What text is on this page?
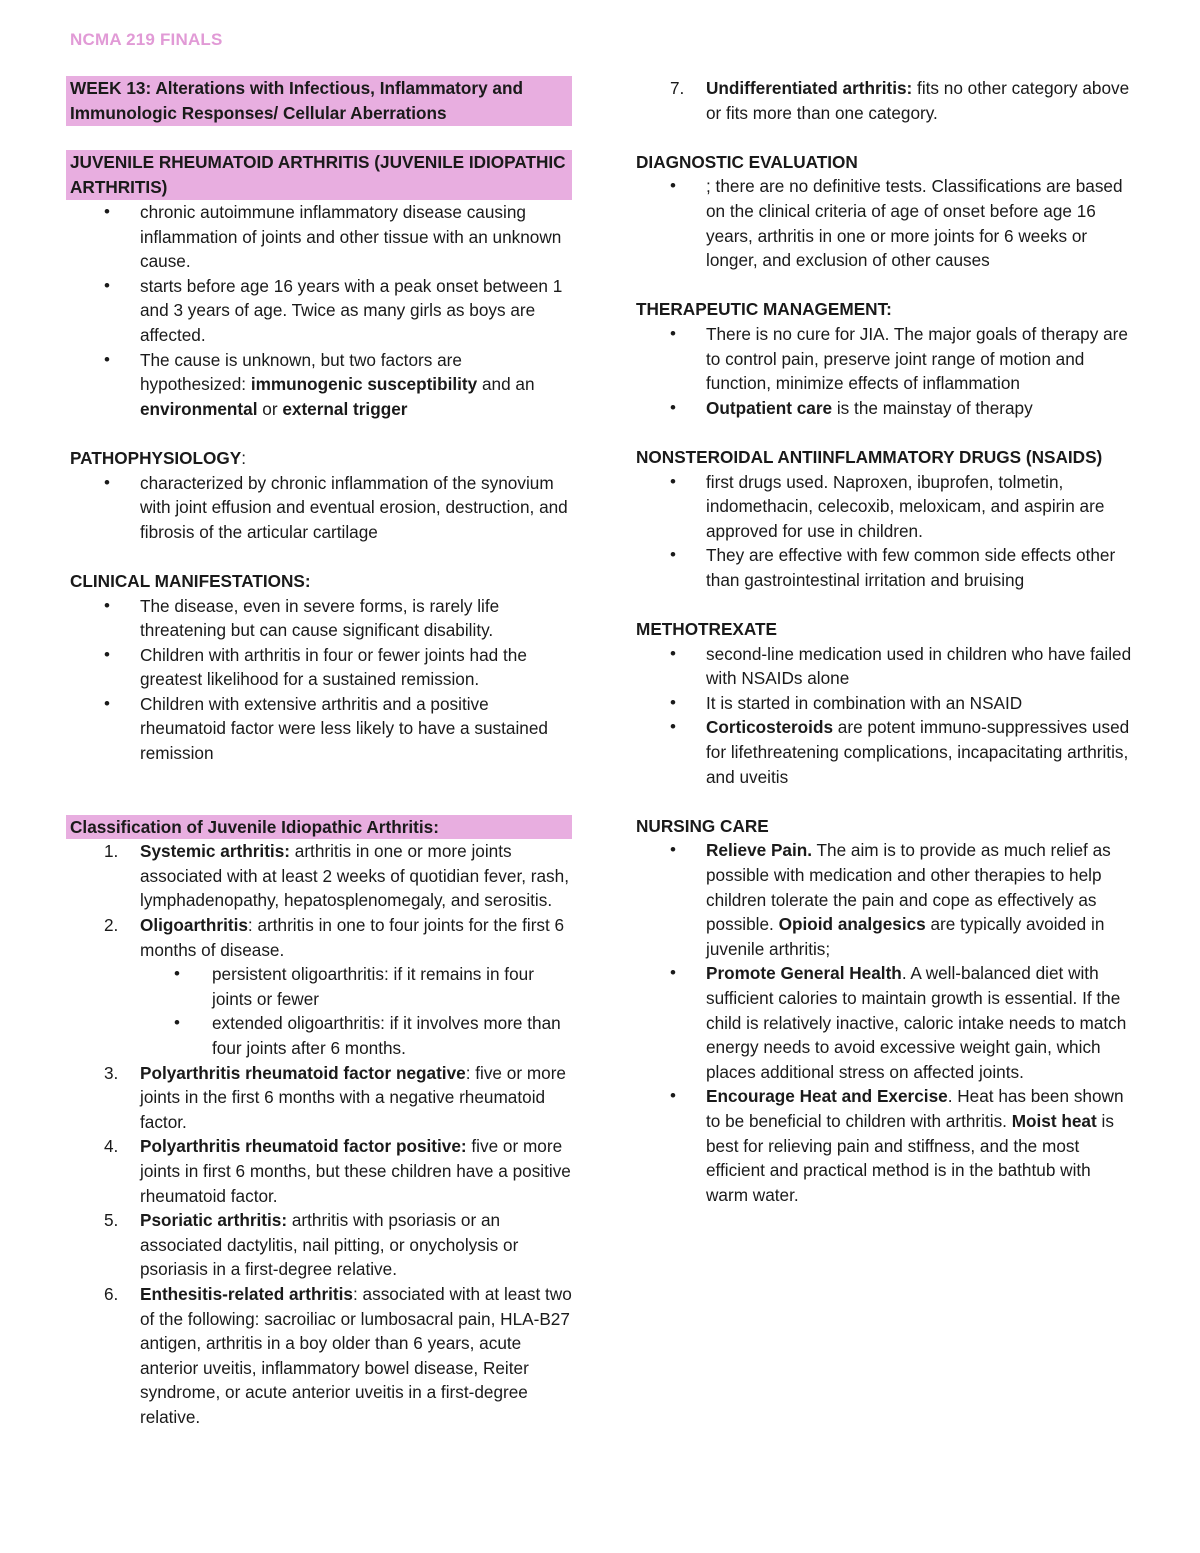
NCMA 219 FINALS
WEEK 13: Alterations with Infectious, Inflammatory and Immunologic Responses/ Cellular Aberrations
JUVENILE RHEUMATOID ARTHRITIS (JUVENILE IDIOPATHIC ARTHRITIS)
• chronic autoimmune inflammatory disease causing inflammation of joints and other tissue with an unknown cause.
• starts before age 16 years with a peak onset between 1 and 3 years of age. Twice as many girls as boys are affected.
• The cause is unknown, but two factors are hypothesized: immunogenic susceptibility and an environmental or external trigger
PATHOPHYSIOLOGY:
• characterized by chronic inflammation of the synovium with joint effusion and eventual erosion, destruction, and fibrosis of the articular cartilage
CLINICAL MANIFESTATIONS:
• The disease, even in severe forms, is rarely life threatening but can cause significant disability.
• Children with arthritis in four or fewer joints had the greatest likelihood for a sustained remission.
• Children with extensive arthritis and a positive rheumatoid factor were less likely to have a sustained remission
Classification of Juvenile Idiopathic Arthritis:
1. Systemic arthritis: arthritis in one or more joints associated with at least 2 weeks of quotidian fever, rash, lymphadenopathy, hepatosplenomegaly, and serositis.
2. Oligoarthritis: arthritis in one to four joints for the first 6 months of disease.
• persistent oligoarthritis: if it remains in four joints or fewer
• extended oligoarthritis: if it involves more than four joints after 6 months.
3. Polyarthritis rheumatoid factor negative: five or more joints in the first 6 months with a negative rheumatoid factor.
4. Polyarthritis rheumatoid factor positive: five or more joints in first 6 months, but these children have a positive rheumatoid factor.
5. Psoriatic arthritis: arthritis with psoriasis or an associated dactylitis, nail pitting, or onycholysis or psoriasis in a first-degree relative.
6. Enthesitis-related arthritis: associated with at least two of the following: sacroiliac or lumbosacral pain, HLA-B27 antigen, arthritis in a boy older than 6 years, acute anterior uveitis, inflammatory bowel disease, Reiter syndrome, or acute anterior uveitis in a first-degree relative.
7. Undifferentiated arthritis: fits no other category above or fits more than one category.
DIAGNOSTIC EVALUATION
• ; there are no definitive tests. Classifications are based on the clinical criteria of age of onset before age 16 years, arthritis in one or more joints for 6 weeks or longer, and exclusion of other causes
THERAPEUTIC MANAGEMENT:
• There is no cure for JIA. The major goals of therapy are to control pain, preserve joint range of motion and function, minimize effects of inflammation
• Outpatient care is the mainstay of therapy
NONSTEROIDAL ANTIINFLAMMATORY DRUGS (NSAIDS)
• first drugs used. Naproxen, ibuprofen, tolmetin, indomethacin, celecoxib, meloxicam, and aspirin are approved for use in children.
• They are effective with few common side effects other than gastrointestinal irritation and bruising
METHOTREXATE
• second-line medication used in children who have failed with NSAIDs alone
• It is started in combination with an NSAID
• Corticosteroids are potent immuno-suppressives used for lifethreatening complications, incapacitating arthritis, and uveitis
NURSING CARE
• Relieve Pain. The aim is to provide as much relief as possible with medication and other therapies to help children tolerate the pain and cope as effectively as possible. Opioid analgesics are typically avoided in juvenile arthritis;
• Promote General Health. A well-balanced diet with sufficient calories to maintain growth is essential. If the child is relatively inactive, caloric intake needs to match energy needs to avoid excessive weight gain, which places additional stress on affected joints.
• Encourage Heat and Exercise. Heat has been shown to be beneficial to children with arthritis. Moist heat is best for relieving pain and stiffness, and the most efficient and practical method is in the bathtub with warm water.
